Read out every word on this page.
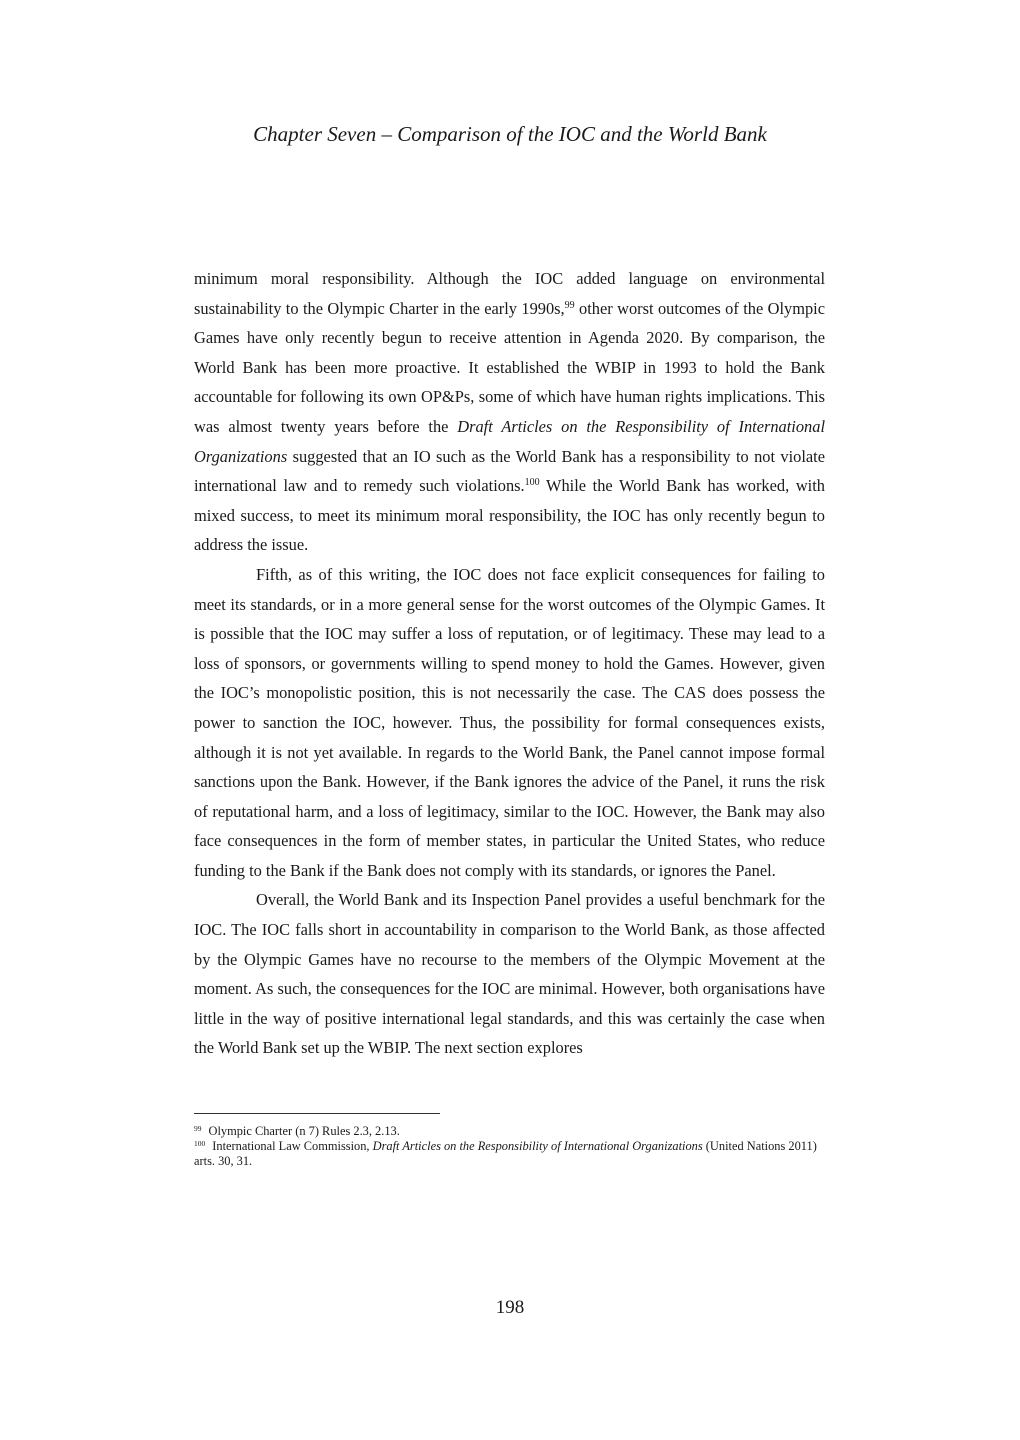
Chapter Seven – Comparison of the IOC and the World Bank

minimum moral responsibility. Although the IOC added language on environmental sustainability to the Olympic Charter in the early 1990s,$^{99}$ other worst outcomes of the Olympic Games have only recently begun to receive attention in Agenda 2020. By comparison, the World Bank has been more proactive. It established the WBIP in 1993 to hold the Bank accountable for following its own OP&Ps, some of which have human rights implications. This was almost twenty years before the Draft Articles on the Responsibility of International Organizations suggested that an IO such as the World Bank has a responsibility to not violate international law and to remedy such violations.$^{100}$ While the World Bank has worked, with mixed success, to meet its minimum moral responsibility, the IOC has only recently begun to address the issue.

Fifth, as of this writing, the IOC does not face explicit consequences for failing to meet its standards, or in a more general sense for the worst outcomes of the Olympic Games. It is possible that the IOC may suffer a loss of reputation, or of legitimacy. These may lead to a loss of sponsors, or governments willing to spend money to hold the Games. However, given the IOC’s monopolistic position, this is not necessarily the case. The CAS does possess the power to sanction the IOC, however. Thus, the possibility for formal consequences exists, although it is not yet available. In regards to the World Bank, the Panel cannot impose formal sanctions upon the Bank. However, if the Bank ignores the advice of the Panel, it runs the risk of reputational harm, and a loss of legitimacy, similar to the IOC. However, the Bank may also face consequences in the form of member states, in particular the United States, who reduce funding to the Bank if the Bank does not comply with its standards, or ignores the Panel.

Overall, the World Bank and its Inspection Panel provides a useful benchmark for the IOC. The IOC falls short in accountability in comparison to the World Bank, as those affected by the Olympic Games have no recourse to the members of the Olympic Movement at the moment. As such, the consequences for the IOC are minimal. However, both organisations have little in the way of positive international legal standards, and this was certainly the case when the World Bank set up the WBIP. The next section explores

$^{99}$ Olympic Charter (n 7) Rules 2.3, 2.13.

$^{100}$ International Law Commission, Draft Articles on the Responsibility of International Organizations (United Nations 2011) arts. 30, 31.

198
